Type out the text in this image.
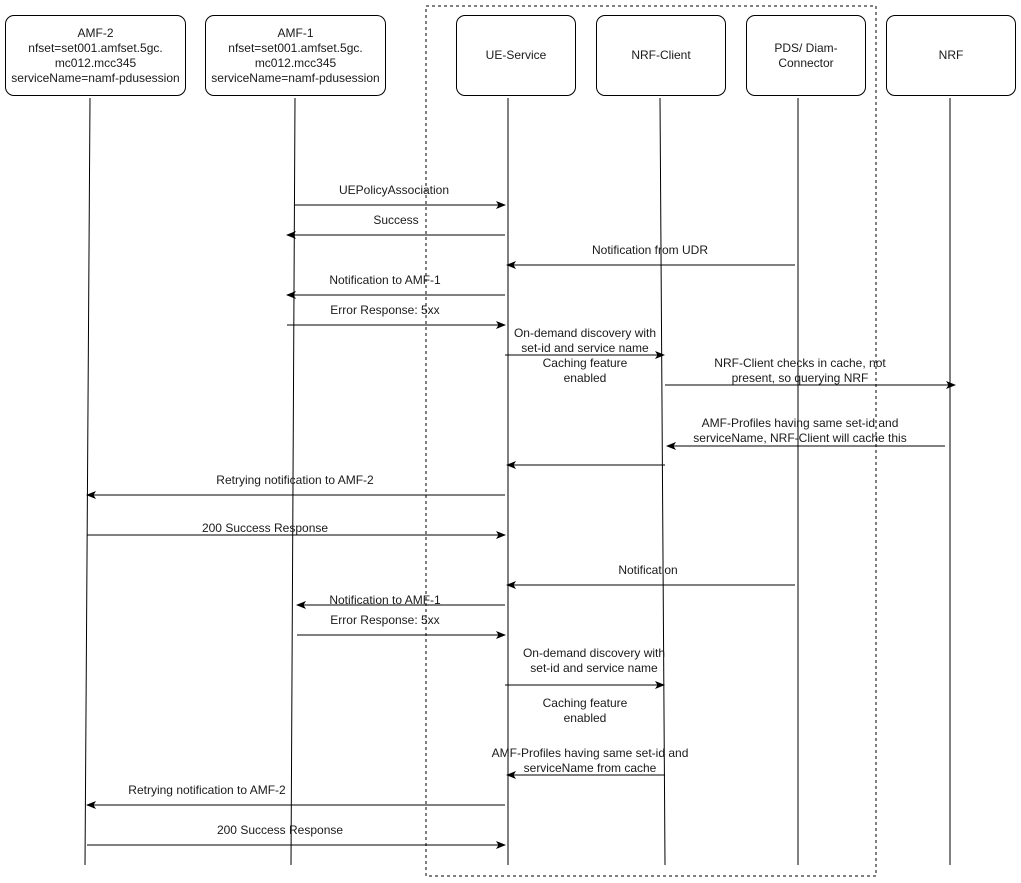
AMF-2
nfset=set001.amfset.5gc.
mc012.mcc345
serviceName=namf-pdusession
AMF-1
nfset=set001.amfset.5gc.
mc012.mcc345
serviceName=namf-pdusession
UE-Service	NRF-Client
PDS/ Diam-
Connector
NRF
UEPolicyAssociation
Success
Notification from UDR
Notification to AMF-1
Error Response: 5xx
On-demand discovery with
set-id and service name
NRF-Client checks in cache, not
present, so querying NRF
AMF-Profiles having same set-id and
serviceName, NRF-Client will cache this
Retrying notification to AMF-2
200 Success Response
Notification
Notification to AMF-1
Error Response: 5xx
On-demand discovery with
set-id and service name
AMF-Profiles having same set-id and
serviceName from cache
Retrying notification to AMF-2
200 Success Response
Caching feature
enabled
Caching feature
enabled
